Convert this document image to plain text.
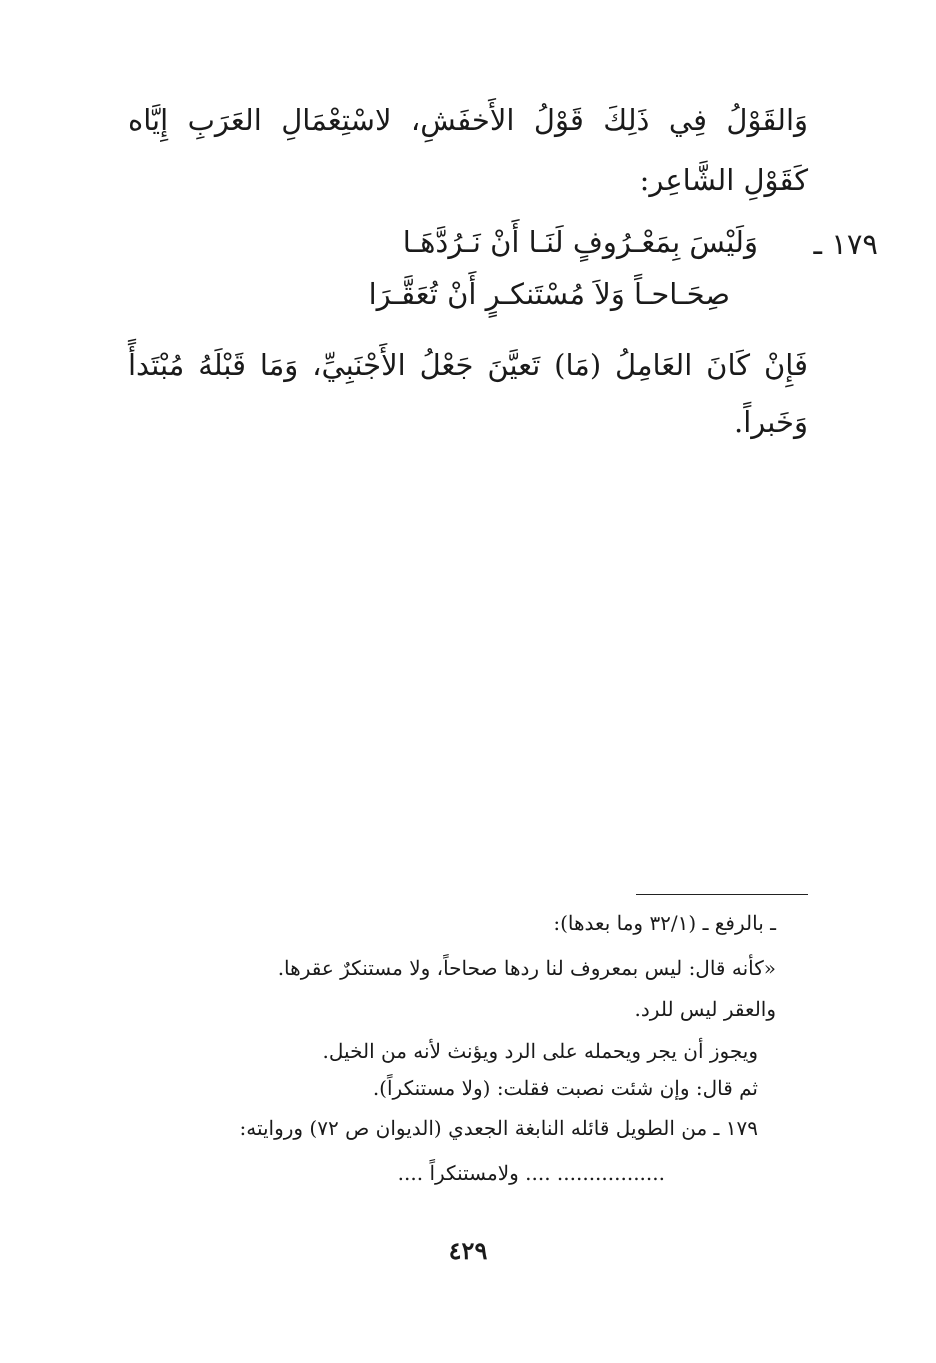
وَالقَوْلُ فِي ذَلِكَ قَوْلُ الأَخفَشِ، لاسْتِعْمَالِ العَرَبِ إِيَّاه
كَقَوْلِ الشَّاعِر:
١٧٩ ـ
وَلَيْسَ بِمَعْـرُوفٍ لَنَـا أَنْ نَـرُدَّهَـا
صِحَـاحـاً وَلاَ مُسْتَنكـرٍ أَنْ تُعَقَّـرَا
فَإِنْ كَانَ العَامِلُ (مَا) تَعيَّنَ جَعْلُ الأَجْنَبِيِّ، وَمَا قَبْلَهُ مُبْتَدأً
وَخَبراً.
ـ بالرفع ـ (٣٢/١ وما بعدها):
«كأنه قال: ليس بمعروف لنا ردها صحاحاً، ولا مستنكرٌ عقرها.
والعقر ليس للرد.
ويجوز أن يجر ويحمله على الرد ويؤنث لأنه من الخيل.
ثم قال: وإن شئت نصبت فقلت: (ولا مستنكراً).
١٧٩ ـ من الطويل قائله النابغة الجعدي (الديوان ص ٧٢) وروايته:
................. .... ولامستنكراً ....
٤٢٩
